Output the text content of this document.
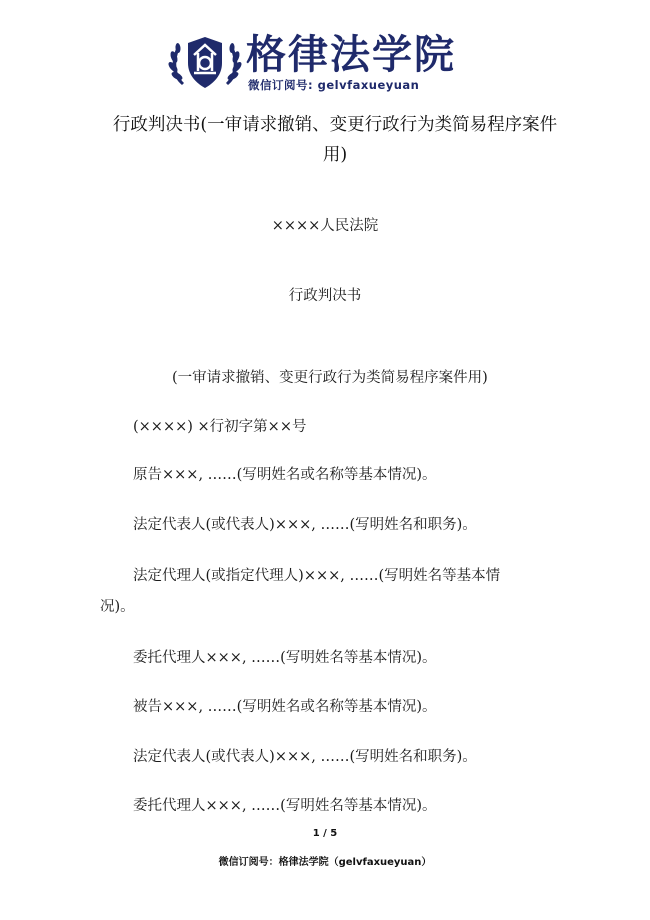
格律法学院
微信订阅号: gelvfaxueyuan
行政判决书(一审请求撤销、变更行政行为类简易程序案件
用)
××××人民法院
行政判决书
(一审请求撤销、变更行政行为类简易程序案件用)
(××××) ×行初字第××号
原告×××, ……(写明姓名或名称等基本情况)。
法定代表人(或代表人)×××, ……(写明姓名和职务)。
法定代理人(或指定代理人)×××, ……(写明姓名等基本情
况)。
委托代理人×××, ……(写明姓名等基本情况)。
被告×××, ……(写明姓名或名称等基本情况)。
法定代表人(或代表人)×××, ……(写明姓名和职务)。
委托代理人×××, ……(写明姓名等基本情况)。
1 / 5
微信订阅号：格律法学院（gelvfaxueyuan）
